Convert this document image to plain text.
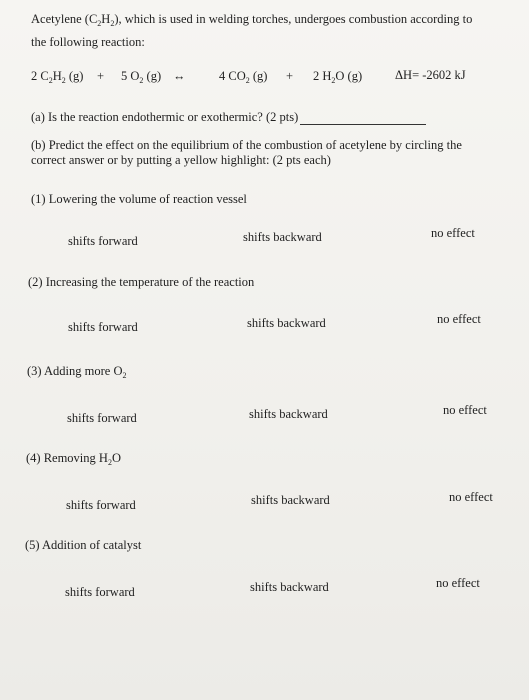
Acetylene $(C_2H_2)$, which is used in welding torches, undergoes combustion according to
the following reaction:
2 $C_2H_2$ (g) + 5 $O_2$ (g) ↔	4 $CO_2$ (g) + 2 $H_2O$ (g)	ΔH= -2602 kJ
(a) Is the reaction endothermic or exothermic? (2 pts)
(b) Predict the effect on the equilibrium of the combustion of acetylene by circling the
correct answer or by putting a yellow highlight: (2 pts each)
(1) Lowering the volume of reaction vessel
shifts forward	shifts backward	no effect
(2) Increasing the temperature of the reaction
shifts forward	shifts backward	no effect
(3) Adding more $O_2$
shifts forward	shifts backward	no effect
(4) Removing $H_2O$
shifts forward	shifts backward	no effect
(5) Addition of catalyst
shifts forward	shifts backward	no effect
